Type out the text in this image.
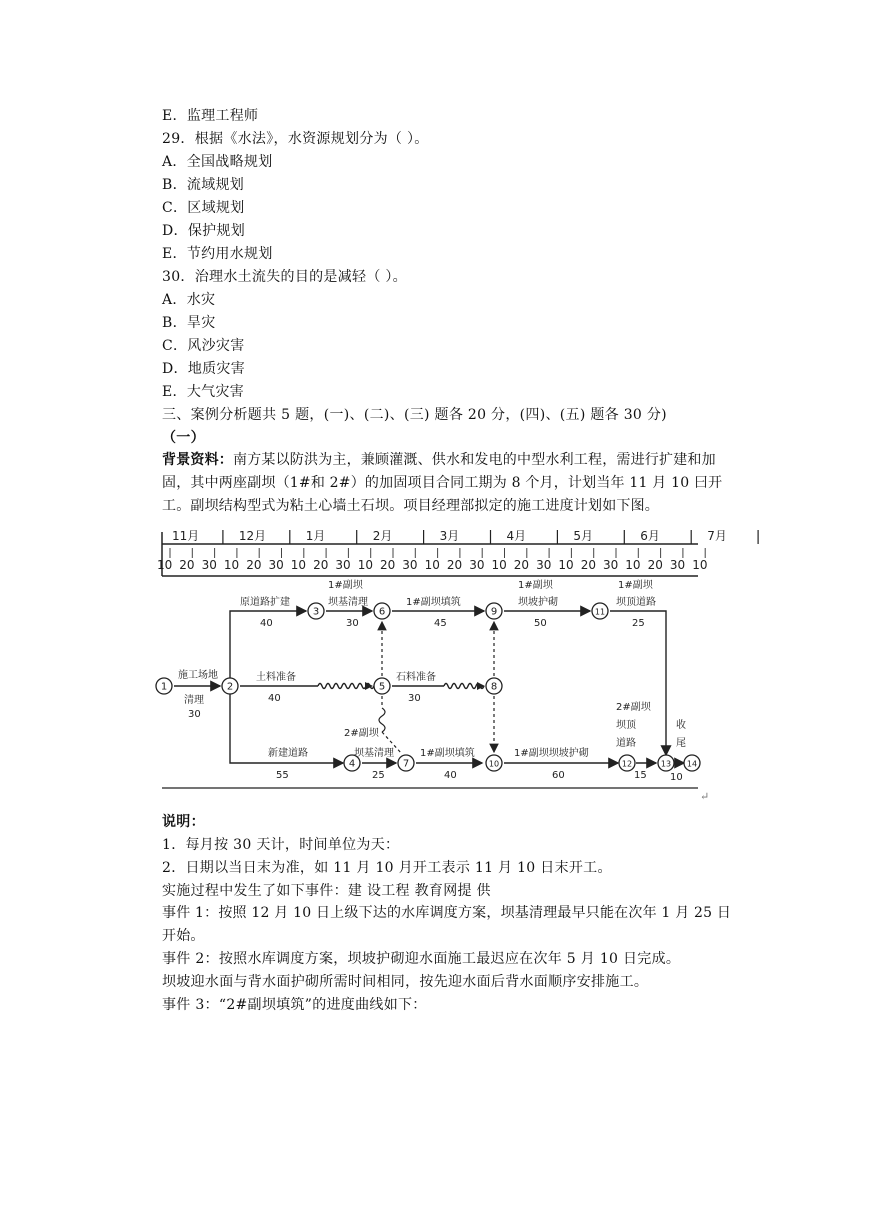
E．监理工程师
29．根据《水法》，水资源规划分为（ ）。
A．全国战略规划
B．流域规划
C．区域规划
D．保护规划
E．节约用水规划
30．治理水土流失的目的是减轻（ ）。
A．水灾
B．旱灾
C．风沙灾害
D．地质灾害
E．大气灾害
三、案例分析题共 5 题，(一)、(二)、(三) 题各 20 分，(四)、(五) 题各 30 分)
（一）
背景资料：南方某以防洪为主，兼顾灌溉、供水和发电的中型水利工程，需进行扩建和加固，其中两座副坝（1#和 2#）的加固项目合同工期为 8 个月，计划当年 11 月 10 曰开工。副坝结构型式为粘土心墙土石坝。项目经理部拟定的施工进度计划如下图。
11月	12月	1月	2月	3月	4月	5月	6月	7月
10 20 30 10 20 30 10 20 30 10 20 30 10 20 30 10 20 30 10 20 30 10 20 30 10
1	2
3
4
5
6
7
8
9
10
11
12	13 14
施工场地
清理
30
原道路扩建
40
坝基清理
30
1#副坝
1#副坝填筑
45
1#副坝
坝坡护砌
50
1#副坝
坝顶道路
25
土料准备
40
石料准备
30
新建道路
55
2#副坝
坝基清理
25
1#副坝填筑
40
1#副坝坝坡护砌
60
2#副坝
坝顶
道路
15
收
尾
10
↵
说明：
1．每月按 30 天计，时间单位为天：
2．日期以当日末为准，如 11 月 10 月开工表示 11 月 10 日末开工。
实施过程中发生了如下事件：建 设工程 教育网提 供
事件 1：按照 12 月 10 日上级下达的水库调度方案，坝基清理最早只能在次年 1 月 25 日开始。
事件 2：按照水库调度方案，坝坡护砌迎水面施工最迟应在次年 5 月 10 日完成。
坝坡迎水面与背水面护砌所需时间相同，按先迎水面后背水面顺序安排施工。
事件 3：“2#副坝填筑”的进度曲线如下：
